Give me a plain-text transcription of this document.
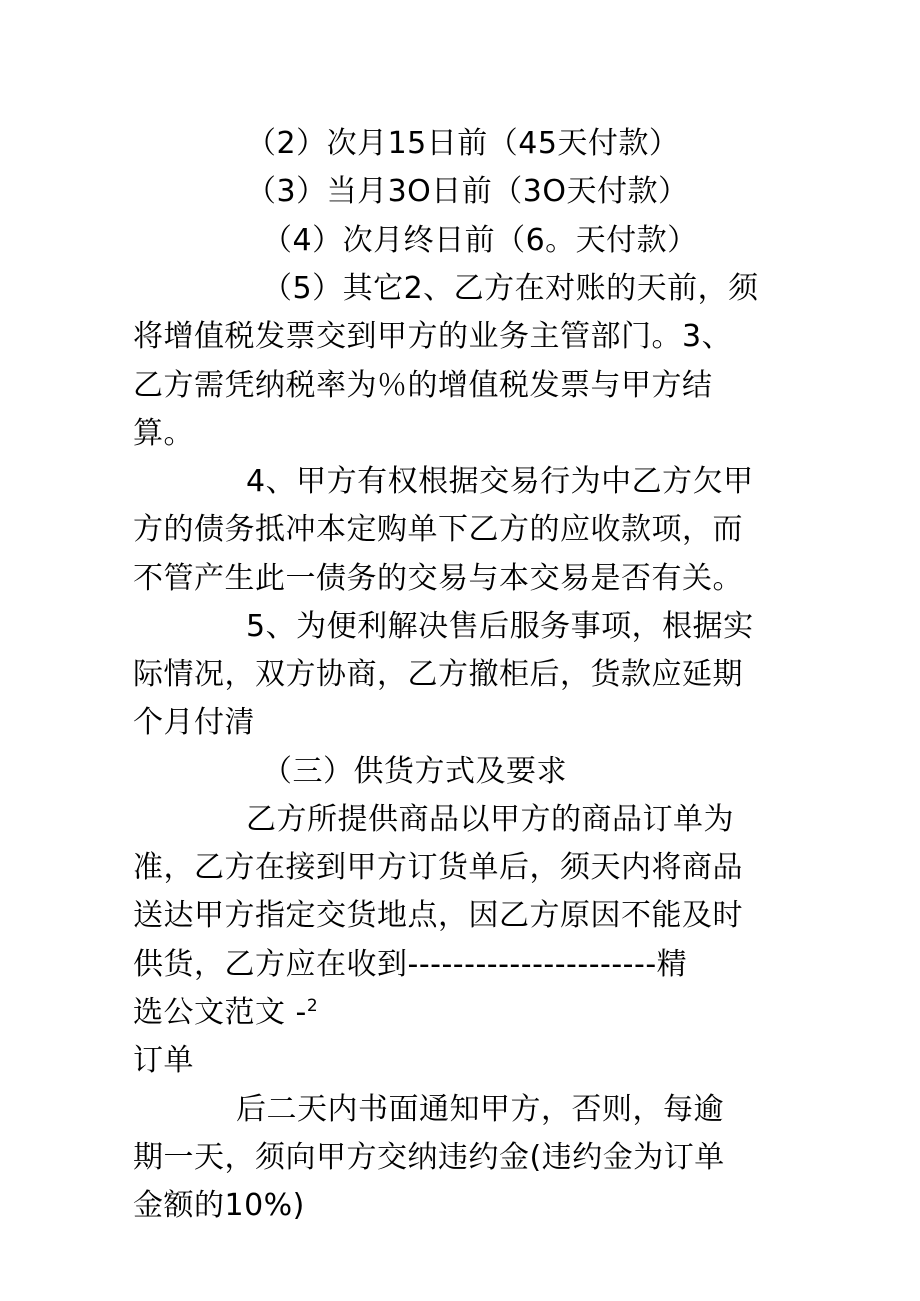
（2）次月15日前（45天付款）
（3）当月3O日前（3O天付款）
（4）次月终日前（6。天付款）
（5）其它2、乙方在对账的天前，须
将增值税发票交到甲方的业务主管部门。3、
乙方需凭纳税率为％的增值税发票与甲方结
算。
4、甲方有权根据交易行为中乙方欠甲
方的债务抵冲本定购单下乙方的应收款项，而
不管产生此一债务的交易与本交易是否有关。
5、为便利解决售后服务事项，根据实
际情况，双方协商，乙方撤柜后，货款应延期
个月付清
（三）供货方式及要求
乙方所提供商品以甲方的商品订单为
准，乙方在接到甲方订货单后，须天内将商品
送达甲方指定交货地点，因乙方原因不能及时
供货，乙方应在收到----------------------精
选公文范文 -$^2$
订单
后二天内书面通知甲方，否则，每逾
期一天，须向甲方交纳违约金(违约金为订单
金额的10%)
